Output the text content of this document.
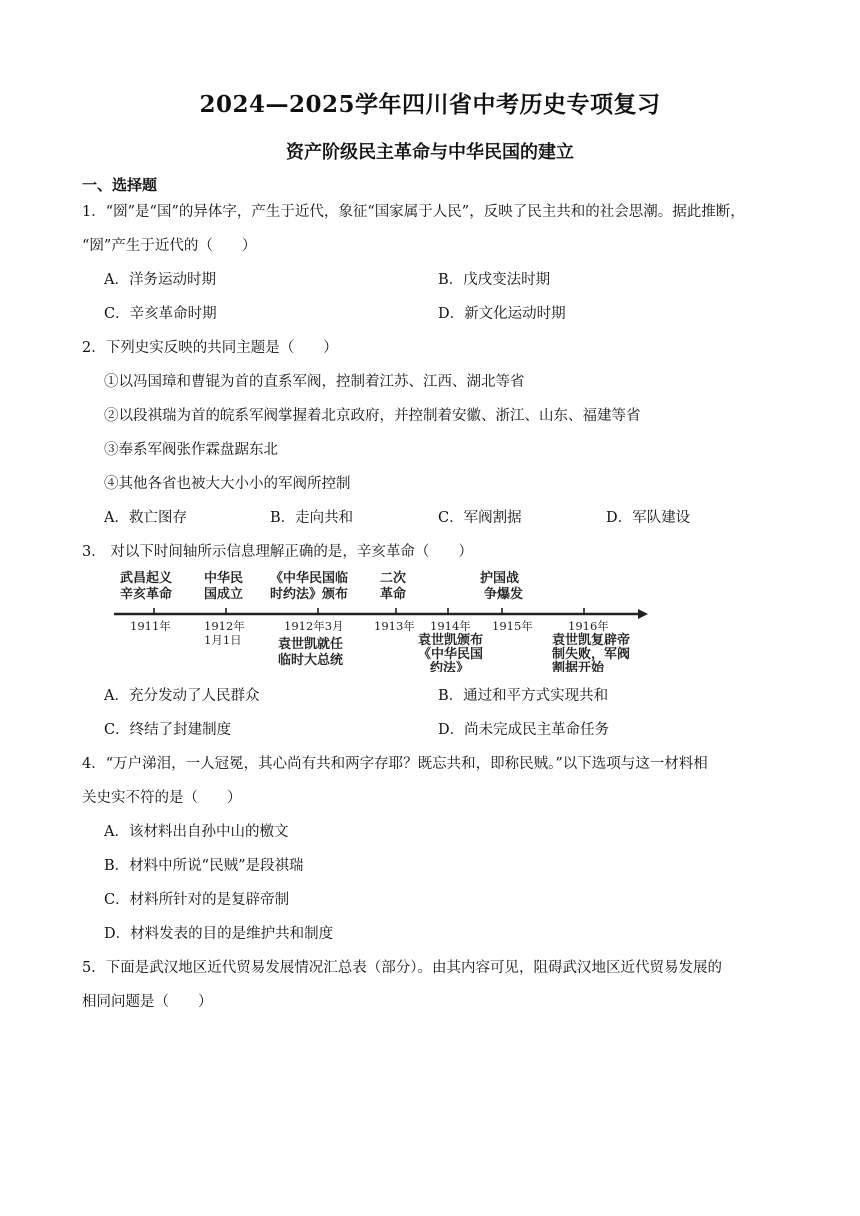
2024—2025学年四川省中考历史专项复习
资产阶级民主革命与中华民国的建立
一、选择题
1．“圀”是“国”的异体字，产生于近代，象征“国家属于人民”，反映了民主共和的社会思潮。据此推断，
“圀”产生于近代的（　　）
A．洋务运动时期	B．戊戌变法时期
C．辛亥革命时期	D．新文化运动时期
2．下列史实反映的共同主题是（　　）
①以冯国璋和曹锟为首的直系军阀，控制着江苏、江西、湖北等省
②以段祺瑞为首的皖系军阀掌握着北京政府，并控制着安徽、浙江、山东、福建等省
③奉系军阀张作霖盘踞东北
④其他各省也被大大小小的军阀所控制
A．救亡图存	B．走向共和	C．军阀割据	D．军队建设
3． 对以下时间轴所示信息理解正确的是，辛亥革命（　　）
武昌起义
辛亥革命
中华民
国成立
《中华民国临
时约法》颁布
二次
革命
护国战
争爆发
1911年	1912年
1月1日
1912年3月	1913年 1914年 1915年	1916年
袁世凯就任
临时大总统
袁世凯颁布
《中华民国
约法》
袁世凯复辟帝
制失败，军阀
割据开始
A．充分发动了人民群众	B．通过和平方式实现共和
C．终结了封建制度	D．尚未完成民主革命任务
4．“万户涕泪，一人冠冕，其心尚有共和两字存耶？既忘共和，即称民贼。”以下选项与这一材料相
关史实不符的是（　　）
A．该材料出自孙中山的檄文
B．材料中所说“民贼”是段祺瑞
C．材料所针对的是复辟帝制
D．材料发表的目的是维护共和制度
5．下面是武汉地区近代贸易发展情况汇总表（部分）。由其内容可见，阻碍武汉地区近代贸易发展的
相同问题是（　　）
